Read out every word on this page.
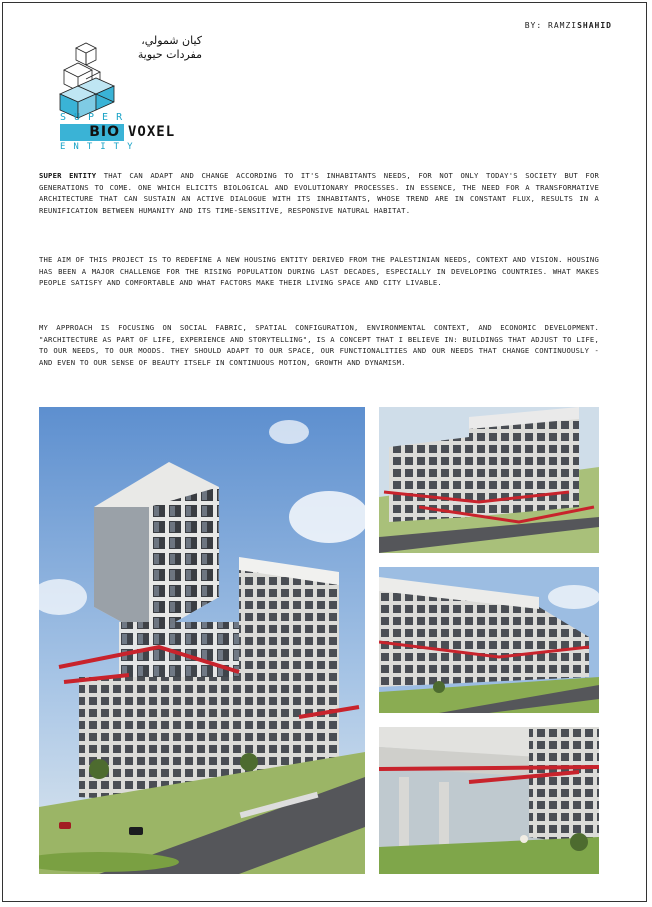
BY: RAMZISHAHID
كيان شمولي،
مفردات حيوية
SUPER
BIO VOXEL
ENTITY
SUPER ENTITY THAT CAN ADAPT AND CHANGE ACCORDING TO IT'S INHABITANTS NEEDS, FOR NOT ONLY TODAY'S SOCIETY BUT FOR GENERATIONS TO COME. ONE WHICH ELICITS BIOLOGICAL AND EVOLUTIONARY PROCESSES. IN ESSENCE, THE NEED FOR A TRANSFORMATIVE ARCHITECTURE THAT CAN SUSTAIN AN ACTIVE DIALOGUE WITH ITS INHABITANTS, WHOSE TREND ARE IN CONSTANT FLUX, RESULTS IN A REUNIFICATION BETWEEN HUMANITY AND ITS TIME-SENSITIVE, RESPONSIVE NATURAL HABITAT.
THE AIM OF THIS PROJECT IS TO REDEFINE A NEW HOUSING ENTITY DERIVED FROM THE PALESTINIAN NEEDS, CONTEXT AND VISION. HOUSING HAS BEEN A MAJOR CHALLENGE FOR THE RISING POPULATION DURING LAST DECADES, ESPECIALLY IN DEVELOPING COUNTRIES. WHAT MAKES PEOPLE SATISFY AND COMFORTABLE AND WHAT FACTORS MAKE THEIR LIVING SPACE AND CITY LIVABLE.
MY APPROACH IS FOCUSING ON SOCIAL FABRIC, SPATIAL CONFIGURATION, ENVIRONMENTAL CONTEXT, AND ECONOMIC DEVELOPMENT. "ARCHITECTURE AS PART OF LIFE, EXPERIENCE AND STORYTELLING", IS A CONCEPT THAT I BELIEVE IN: BUILDINGS THAT ADJUST TO LIFE, TO OUR NEEDS, TO OUR MOODS. THEY SHOULD ADAPT TO OUR SPACE, OUR FUNCTIONALITIES AND OUR NEEDS THAT CHANGE CONTINUOUSLY - AND EVEN TO OUR SENSE OF BEAUTY ITSELF IN CONTINUOUS MOTION, GROWTH AND DYNAMISM.
